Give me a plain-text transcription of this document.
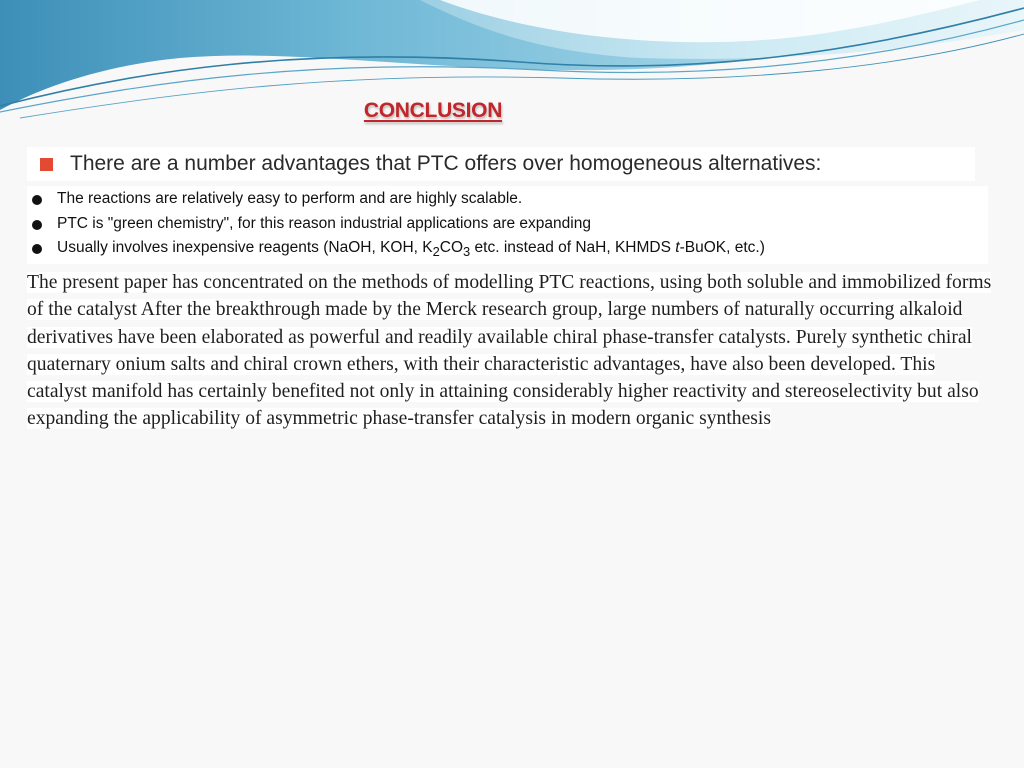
CONCLUSION
There are a number advantages that PTC offers over homogeneous alternatives:
The reactions are relatively easy to perform and are highly scalable.
PTC is "green chemistry", for this reason industrial applications are expanding
Usually involves inexpensive reagents (NaOH, KOH, $K_2CO_3$ etc. instead of NaH, KHMDS t-BuOK, etc.)

The present paper has concentrated on the methods of modelling PTC reactions, using both soluble and immobilized forms of the catalyst After the breakthrough made by the Merck research group, large numbers of naturally occurring alkaloid derivatives have been elaborated as powerful and readily available chiral phase-transfer catalysts. Purely synthetic chiral quaternary onium salts and chiral crown ethers, with their characteristic advantages, have also been developed. This catalyst manifold has certainly benefited not only in attaining considerably higher reactivity and stereoselectivity but also expanding the applicability of asymmetric phase-transfer catalysis in modern organic synthesis
